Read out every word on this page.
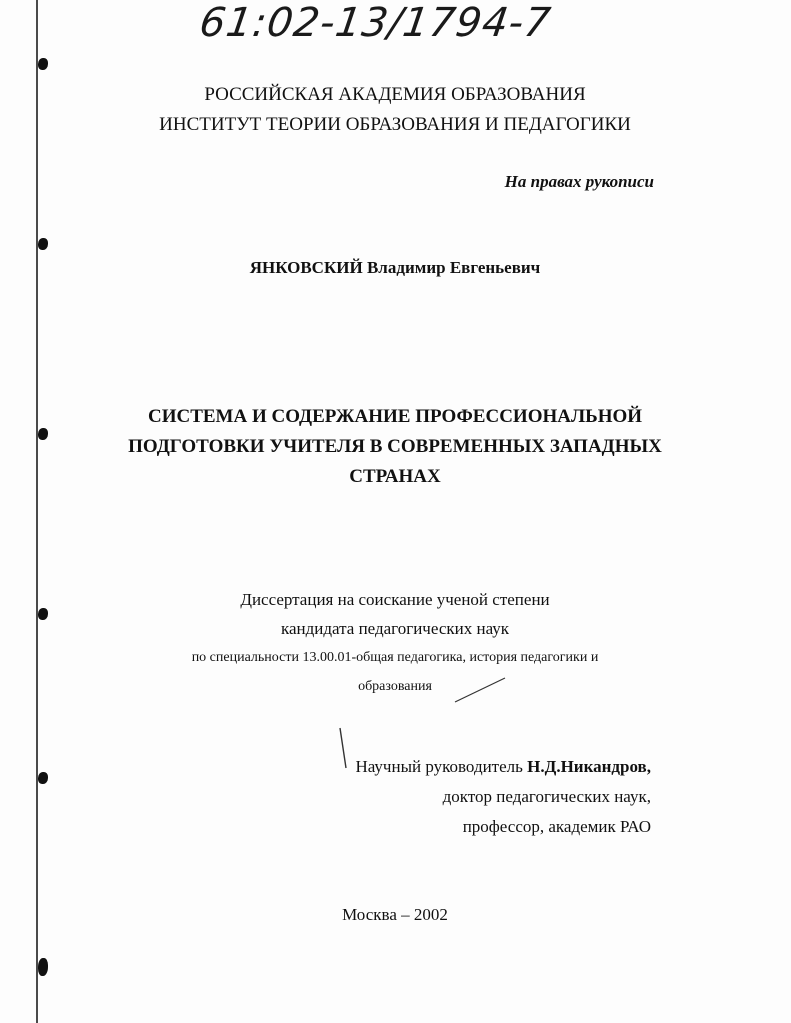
61:02-13/1794-7
РОССИЙСКАЯ АКАДЕМИЯ ОБРАЗОВАНИЯ
ИНСТИТУТ ТЕОРИИ ОБРАЗОВАНИЯ И ПЕДАГОГИКИ
На правах рукописи
ЯНКОВСКИЙ Владимир Евгеньевич
СИСТЕМА И СОДЕРЖАНИЕ ПРОФЕССИОНАЛЬНОЙ
ПОДГОТОВКИ УЧИТЕЛЯ В СОВРЕМЕННЫХ ЗАПАДНЫХ
СТРАНАХ
Диссертация на соискание ученой степени
кандидата педагогических наук
по специальности 13.00.01-общая педагогика, история педагогики и
образования
Научный руководитель Н.Д.Никандров,
доктор педагогических наук,
профессор, академик РАО
Москва – 2002
